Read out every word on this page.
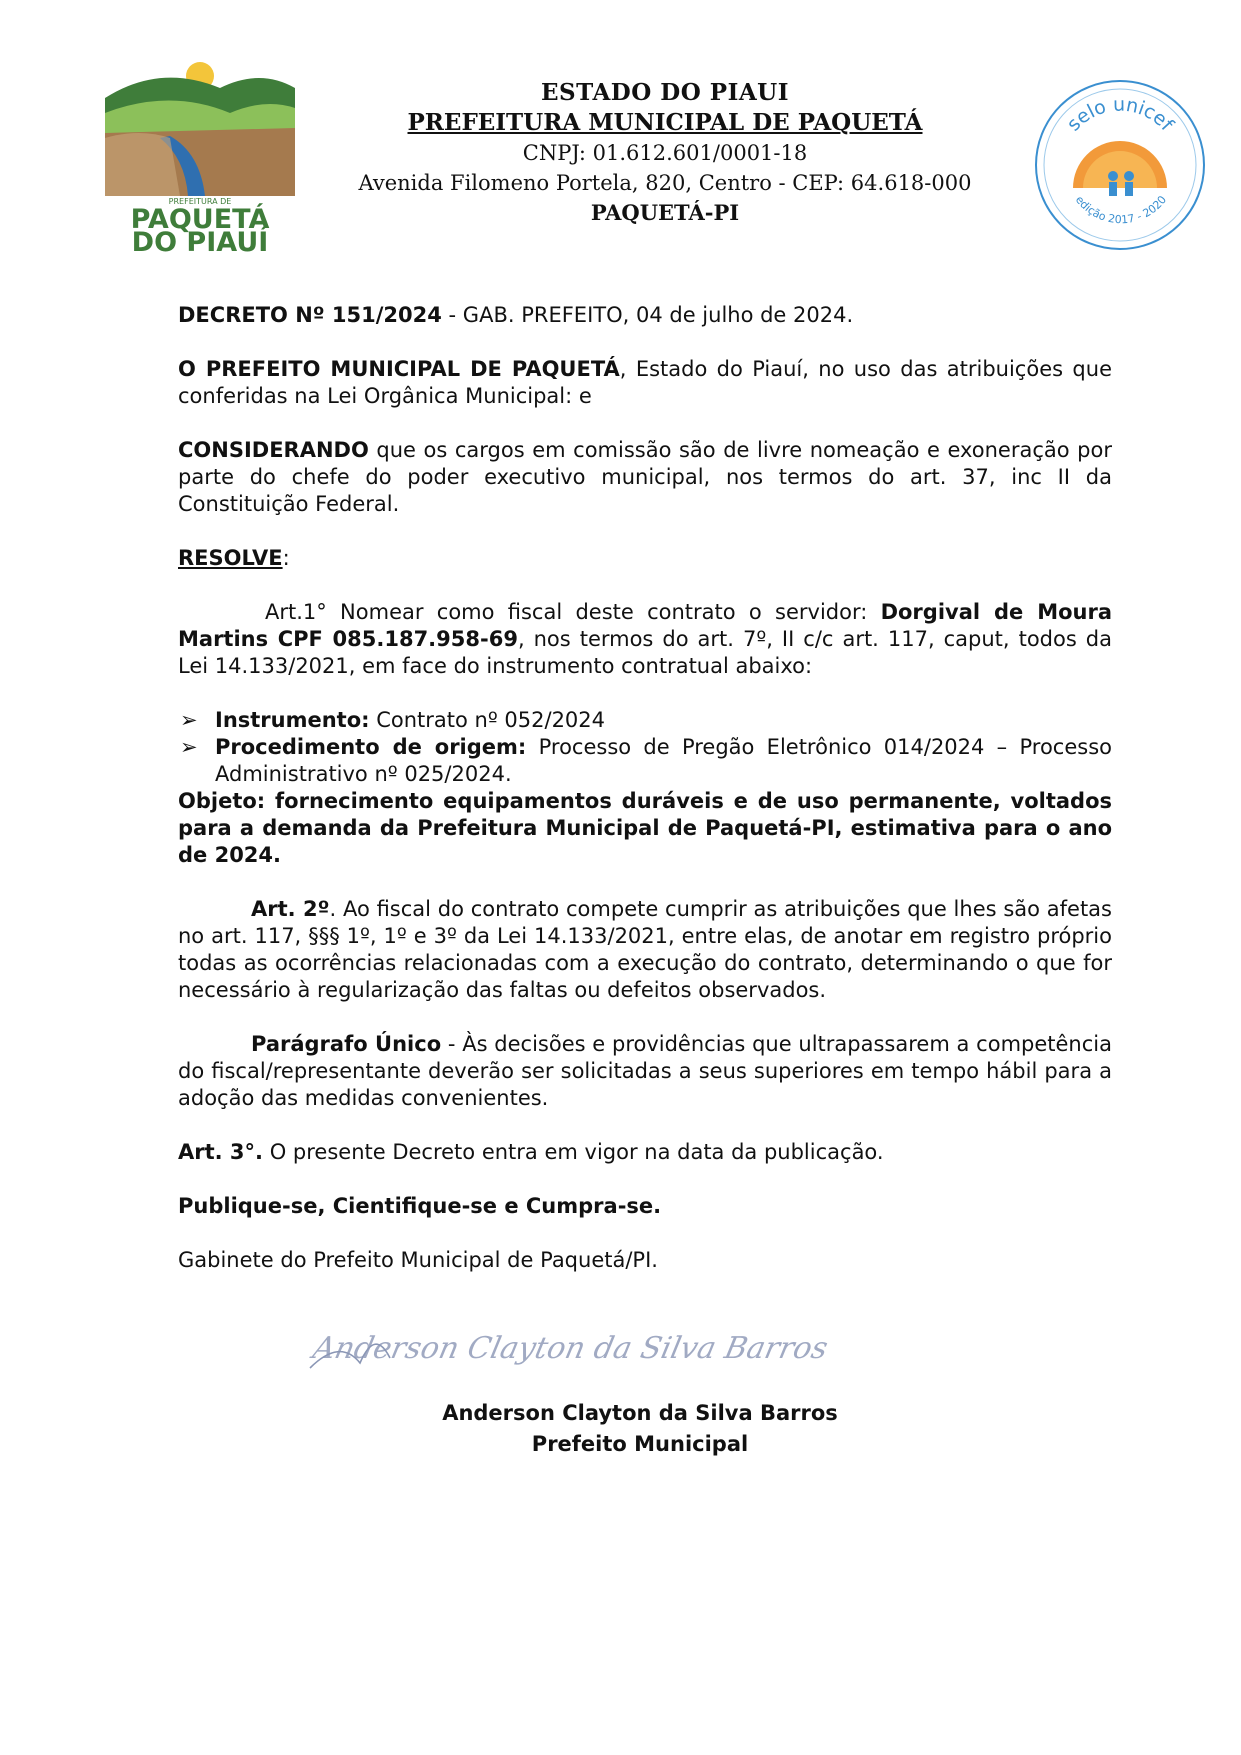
PREFEITURA DE
PAQUETÁ
DO PIAUÍ
ESTADO DO PIAUI
PREFEITURA MUNICIPAL DE PAQUETÁ
CNPJ: 01.612.601/0001-18
Avenida Filomeno Portela, 820, Centro - CEP: 64.618-000
PAQUETÁ-PI
selo unicef
edição 2017 - 2020

DECRETO Nº 151/2024 - GAB. PREFEITO, 04 de julho de 2024.

O PREFEITO MUNICIPAL DE PAQUETÁ, Estado do Piauí, no uso das atribuições que conferidas na Lei Orgânica Municipal: e

CONSIDERANDO que os cargos em comissão são de livre nomeação e exoneração por parte do chefe do poder executivo municipal, nos termos do art. 37, inc II da Constituição Federal.

RESOLVE:

Art.1° Nomear como fiscal deste contrato o servidor: Dorgival de Moura Martins CPF 085.187.958-69, nos termos do art. 7º, II c/c art. 117, caput, todos da Lei 14.133/2021, em face do instrumento contratual abaixo:

➢ Instrumento: Contrato nº 052/2024
➢ Procedimento de origem: Processo de Pregão Eletrônico 014/2024 – Processo Administrativo nº 025/2024.

Objeto: fornecimento equipamentos duráveis e de uso permanente, voltados para a demanda da Prefeitura Municipal de Paquetá-PI, estimativa para o ano de 2024.

Art. 2º. Ao fiscal do contrato compete cumprir as atribuições que lhes são afetas no art. 117, §§§ 1º, 1º e 3º da Lei 14.133/2021, entre elas, de anotar em registro próprio todas as ocorrências relacionadas com a execução do contrato, determinando o que for necessário à regularização das faltas ou defeitos observados.

Parágrafo Único - Às decisões e providências que ultrapassarem a competência do fiscal/representante deverão ser solicitadas a seus superiores em tempo hábil para a adoção das medidas convenientes.

Art. 3°. O presente Decreto entra em vigor na data da publicação.

Publique-se, Cientifique-se e Cumpra-se.

Gabinete do Prefeito Municipal de Paquetá/PI.

Anderson Clayton da Silva Barros
Anderson Clayton da Silva Barros
Prefeito Municipal
